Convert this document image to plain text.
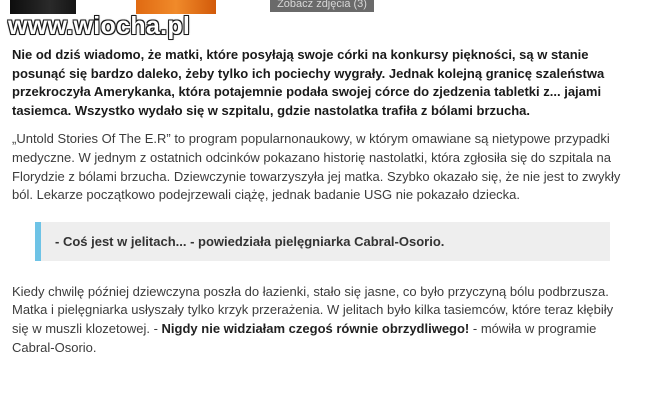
Zobacz zdjęcia (3)
www.wiocha.pl

Nie od dziś wiadomo, że matki, które posyłają swoje córki na konkursy piękności, są w stanie posunąć się bardzo daleko, żeby tylko ich pociechy wygrały. Jednak kolejną granicę szaleństwa przekroczyła Amerykanka, która potajemnie podała swojej córce do zjedzenia tabletki z... jajami tasiemca. Wszystko wydało się w szpitalu, gdzie nastolatka trafiła z bólami brzucha.

„Untold Stories Of The E.R” to program popularnonaukowy, w którym omawiane są nietypowe przypadki medyczne. W jednym z ostatnich odcinków pokazano historię nastolatki, która zgłosiła się do szpitala na Florydzie z bólami brzucha. Dziewczynie towarzyszyła jej matka. Szybko okazało się, że nie jest to zwykły ból. Lekarze początkowo podejrzewali ciążę, jednak badanie USG nie pokazało dziecka.

- Coś jest w jelitach... - powiedziała pielęgniarka Cabral-Osorio.

Kiedy chwilę później dziewczyna poszła do łazienki, stało się jasne, co było przyczyną bólu podbrzusza. Matka i pielęgniarka usłyszały tylko krzyk przerażenia. W jelitach było kilka tasiemców, które teraz kłębiły się w muszli klozetowej. - Nigdy nie widziałam czegoś równie obrzydliwego! - mówiła w programie Cabral-Osorio.
